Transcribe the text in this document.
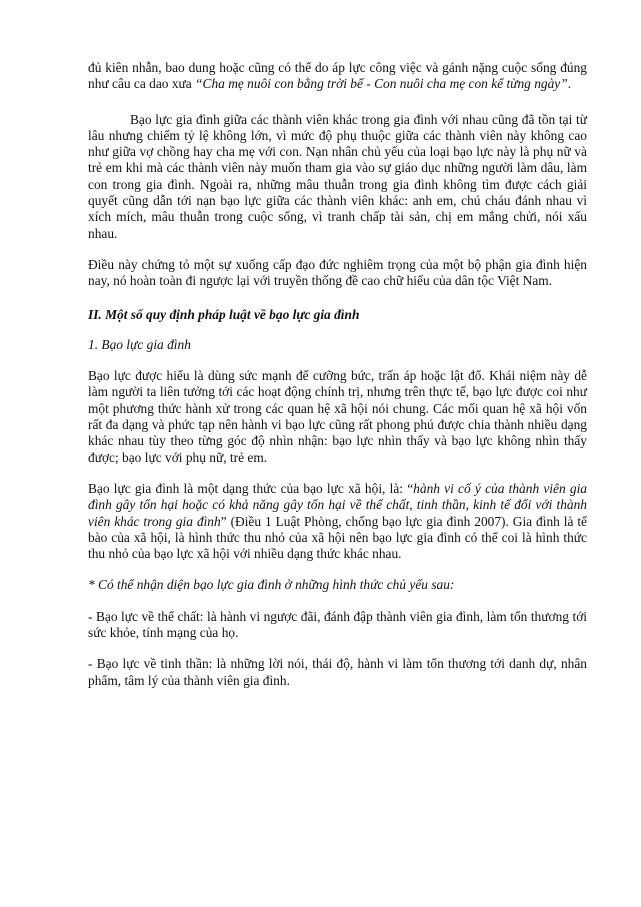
đủ kiên nhẫn, bao dung hoặc cũng có thể do áp lực công việc và gánh nặng cuộc sống đúng như câu ca dao xưa “Cha mẹ nuôi con bằng trời bể - Con nuôi cha mẹ con kể từng ngày”.

Bạo lực gia đình giữa các thành viên khác trong gia đình với nhau cũng đã tồn tại từ lâu nhưng chiếm tỷ lệ không lớn, vì mức độ phụ thuộc giữa các thành viên này không cao như giữa vợ chồng hay cha mẹ với con. Nạn nhân chủ yếu của loại bạo lực này là phụ nữ và trẻ em khi mà các thành viên này muốn tham gia vào sự giáo dục những người làm dâu, làm con trong gia đình. Ngoài ra, những mâu thuẫn trong gia đình không tìm được cách giải quyết cũng dẫn tới nạn bạo lực giữa các thành viên khác: anh em, chú cháu đánh nhau vì xích mích, mâu thuẫn trong cuộc sống, vì tranh chấp tài sản, chị em mắng chửi, nói xấu nhau.

Điều này chứng tỏ một sự xuống cấp đạo đức nghiêm trọng của một bộ phận gia đình hiện nay, nó hoàn toàn đi ngược lại với truyền thống đề cao chữ hiếu của dân tộc Việt Nam.

II. Một số quy định pháp luật về bạo lực gia đình

1. Bạo lực gia đình

Bạo lực được hiểu là dùng sức mạnh để cưỡng bức, trấn áp hoặc lật đổ. Khái niệm này dễ làm người ta liên tưởng tới các hoạt động chính trị, nhưng trên thực tế, bạo lực được coi như một phương thức hành xử trong các quan hệ xã hội nói chung. Các mối quan hệ xã hội vốn rất đa dạng và phức tạp nên hành vi bạo lực cũng rất phong phú được chia thành nhiều dạng khác nhau tùy theo từng góc độ nhìn nhận: bạo lực nhìn thấy và bạo lực không nhìn thấy được; bạo lực với phụ nữ, trẻ em.

Bạo lực gia đình là một dạng thức của bạo lực xã hội, là: “hành vi cố ý của thành viên gia đình gây tổn hại hoặc có khả năng gây tổn hại về thể chất, tinh thần, kinh tế đối với thành viên khác trong gia đình” (Điều 1 Luật Phòng, chống bạo lực gia đình 2007). Gia đình là tế bào của xã hội, là hình thức thu nhỏ của xã hội nên bạo lực gia đình có thể coi là hình thức thu nhỏ của bạo lực xã hội với nhiều dạng thức khác nhau.

* Có thể nhận diện bạo lực gia đình ở những hình thức chủ yếu sau:

- Bạo lực về thể chất: là hành vi ngược đãi, đánh đập thành viên gia đình, làm tổn thương tới sức khỏe, tính mạng của họ.

- Bạo lực về tinh thần: là những lời nói, thái độ, hành vi làm tổn thương tới danh dự, nhân phẩm, tâm lý của thành viên gia đình.
